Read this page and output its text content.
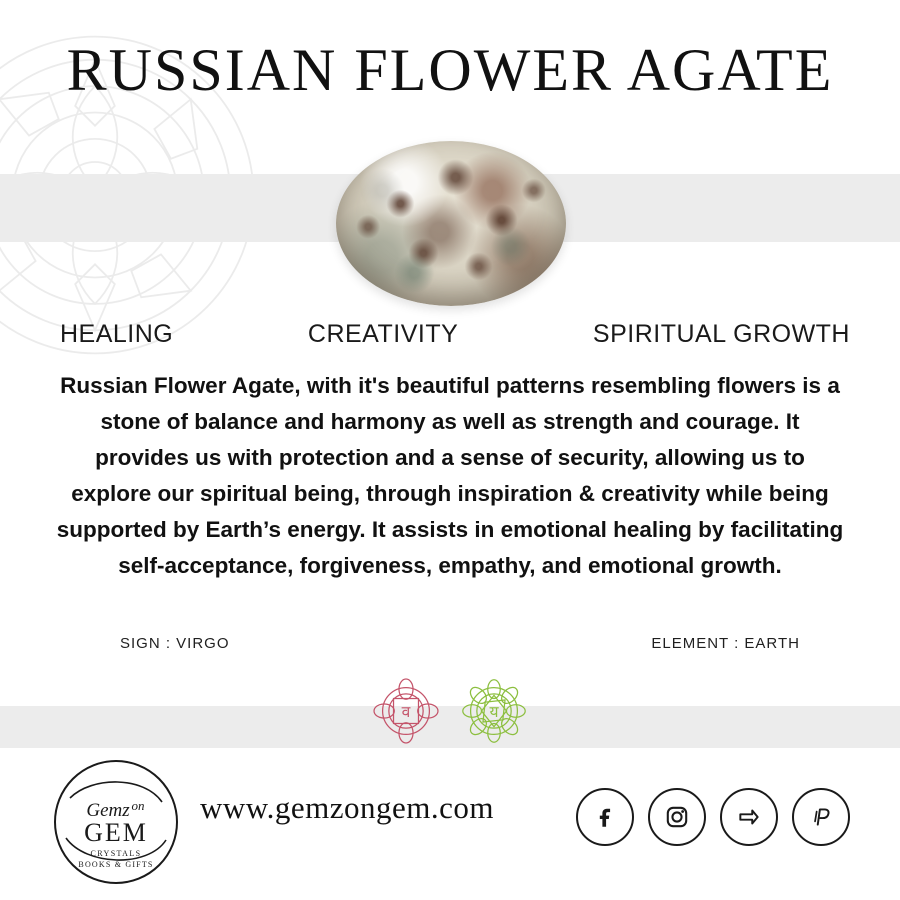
RUSSIAN FLOWER AGATE
HEALING	CREATIVITY	SPIRITUAL GROWTH
Russian Flower Agate, with it's beautiful patterns resembling flowers is a stone of balance and harmony as well as strength and courage. It provides us with protection and a sense of security, allowing us to explore our spiritual being, through inspiration & creativity while being supported by Earth’s energy. It assists in emotional healing by facilitating self-acceptance, forgiveness, empathy, and emotional growth.
SIGN : VIRGO	ELEMENT : EARTH
व	य
Gemz on
GEM
CRYSTALS
BOOKS & GIFTS
www.gemzongem.com
